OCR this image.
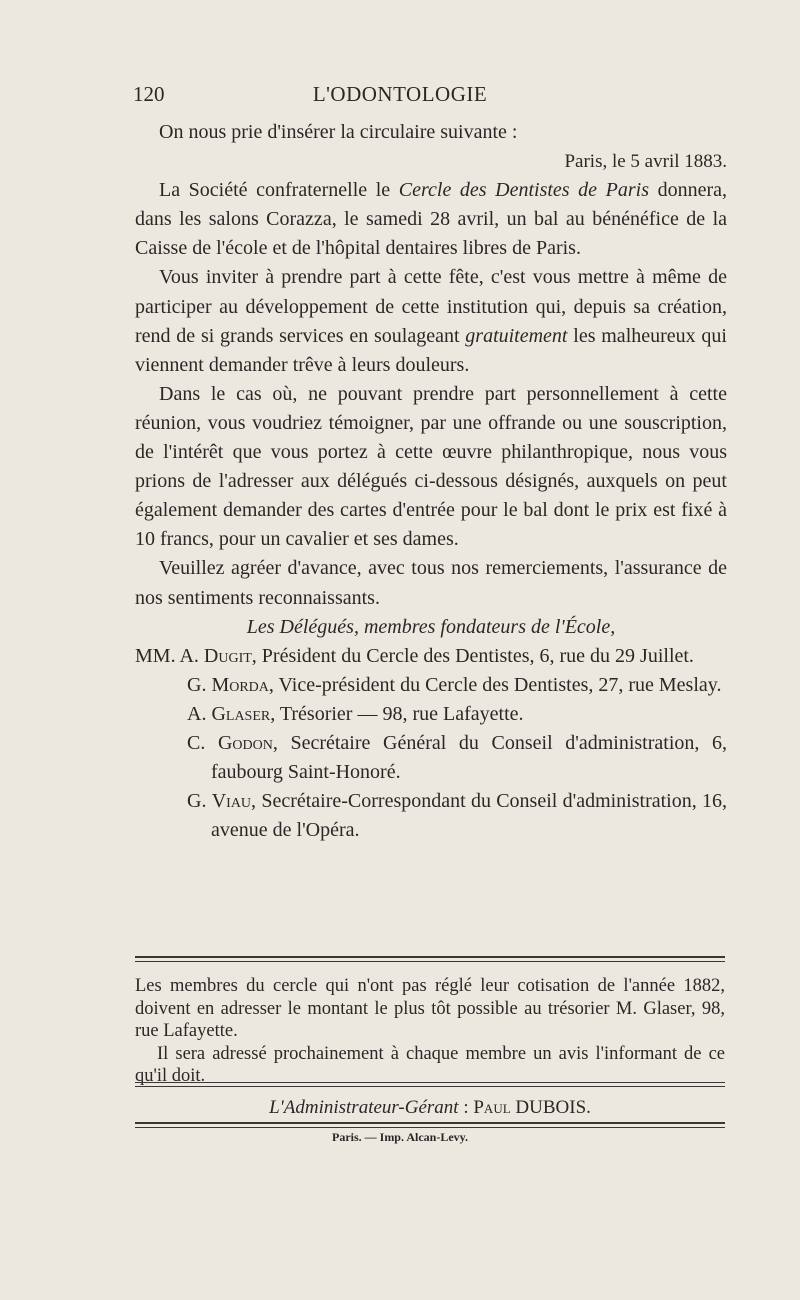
120	L'ODONTOLOGIE

On nous prie d'insérer la circulaire suivante :

Paris, le 5 avril 1883.

La Société confraternelle le Cercle des Dentistes de Paris donnera, dans les salons Corazza, le samedi 28 avril, un bal au bénénéfice de la Caisse de l'école et de l'hôpital dentaires libres de Paris.

Vous inviter à prendre part à cette fête, c'est vous mettre à même de participer au développement de cette institution qui, depuis sa création, rend de si grands services en soulageant gratuitement les malheureux qui viennent demander trêve à leurs douleurs.

Dans le cas où, ne pouvant prendre part personnellement à cette réunion, vous voudriez témoigner, par une offrande ou une souscription, de l'intérêt que vous portez à cette œuvre philanthropique, nous vous prions de l'adresser aux délégués ci-dessous désignés, auxquels on peut également demander des cartes d'entrée pour le bal dont le prix est fixé à 10 francs, pour un cavalier et ses dames.

Veuillez agréer d'avance, avec tous nos remerciements, l'assurance de nos sentiments reconnaissants.

Les Délégués, membres fondateurs de l'École,

MM. A. Dugit, Président du Cercle des Dentistes, 6, rue du 29 Juillet.

G. Morda, Vice-président du Cercle des Dentistes, 27, rue Meslay.

A. Glaser, Trésorier — 98, rue Lafayette.

C. Godon, Secrétaire Général du Conseil d'administration, 6, faubourg Saint-Honoré.

G. Viau, Secrétaire-Correspondant du Conseil d'administration, 16, avenue de l'Opéra.

Les membres du cercle qui n'ont pas réglé leur cotisation de l'année 1882, doivent en adresser le montant le plus tôt possible au trésorier M. Glaser, 98, rue Lafayette.

Il sera adressé prochainement à chaque membre un avis l'informant de ce qu'il doit.

L'Administrateur-Gérant : Paul DUBOIS.
Paris. — Imp. Alcan-Levy.
